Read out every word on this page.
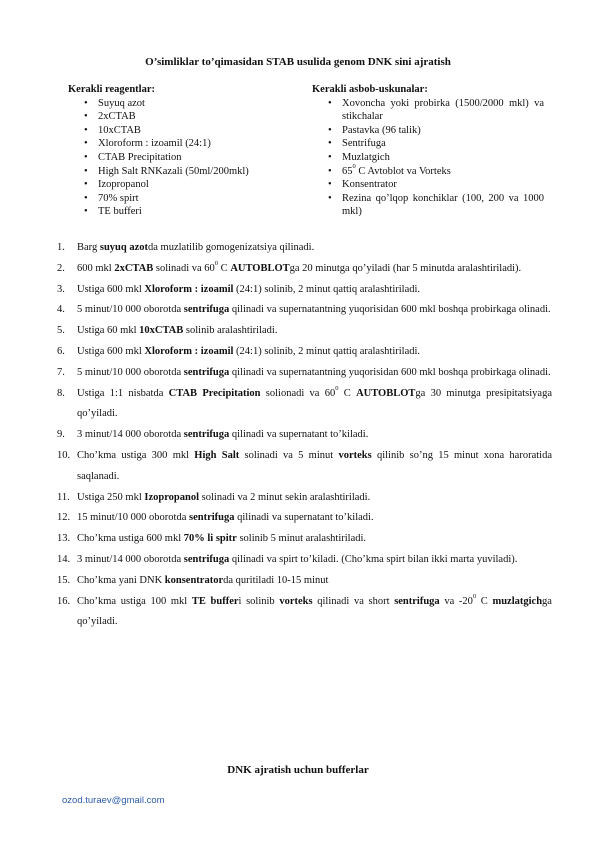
O’simliklar to’qimasidan STAB usulida genom DNK sini ajratish
Kerakli reagentlar:
• Suyuq azot
• 2xCTAB
• 10xCTAB
• Xloroform : izoamil (24:1)
• CTAB Precipitation
• High Salt RNKazali (50ml/200mkl)
• Izopropanol
• 70% spirt
• TE bufferi
Kerakli asbob-uskunalar:
• Xovoncha yoki probirka (1500/2000 mkl) va stikchalar
• Pastavka (96 talik)
• Sentrifuga
• Muzlatgich
• $65^0$ C Avtoblot va Vorteks
• Konsentrator
• Rezina qo’lqop konchiklar (100, 200 va 1000 mkl)
1. Barg suyuq azotda muzlatilib gomogenizatsiya qilinadi.
2. 600 mkl 2xCTAB solinadi va $60^0$ C AUTOBLOTga 20 minutga qo’yiladi (har 5 minutda aralashtiriladi).
3. Ustiga 600 mkl Xloroform : izoamil (24:1) solinib, 2 minut qattiq aralashtiriladi.
4. 5 minut/10 000 oborotda sentrifuga qilinadi va supernatantning yuqorisidan 600 mkl boshqa probirkaga olinadi.
5. Ustiga 60 mkl 10xCTAB solinib aralashtiriladi.
6. Ustiga 600 mkl Xloroform : izoamil (24:1) solinib, 2 minut qattiq aralashtiriladi.
7. 5 minut/10 000 oborotda sentrifuga qilinadi va supernatantning yuqorisidan 600 mkl boshqa probirkaga olinadi.
8. Ustiga 1:1 nisbatda CTAB Precipitation solionadi va $60^0$ C AUTOBLOTga 30 minutga presipitatsiyaga qo’yiladi.
9. 3 minut/14 000 oborotda sentrifuga qilinadi va supernatant to’kiladi.
10. Cho’kma ustiga 300 mkl High Salt solinadi va 5 minut vorteks qilinib so’ng 15 minut xona haroratida saqlanadi.
11. Ustiga 250 mkl Izopropanol solinadi va 2 minut sekin aralashtiriladi.
12. 15 minut/10 000 oborotda sentrifuga qilinadi va supernatant to’kiladi.
13. Cho’kma ustiga 600 mkl 70% li spitr solinib 5 minut aralashtiriladi.
14. 3 minut/14 000 oborotda sentrifuga qilinadi va spirt to’kiladi. (Cho’kma spirt bilan ikki marta yuviladi).
15. Cho’kma yani DNK konsentratorda quritiladi 10-15 minut
16. Cho’kma ustiga 100 mkl TE bufferi solinib vorteks qilinadi va short sentrifuga va $-20^0$ C muzlatgichga qo’yiladi.
DNK ajratish uchun bufferlar
ozod.turaev@gmail.com
